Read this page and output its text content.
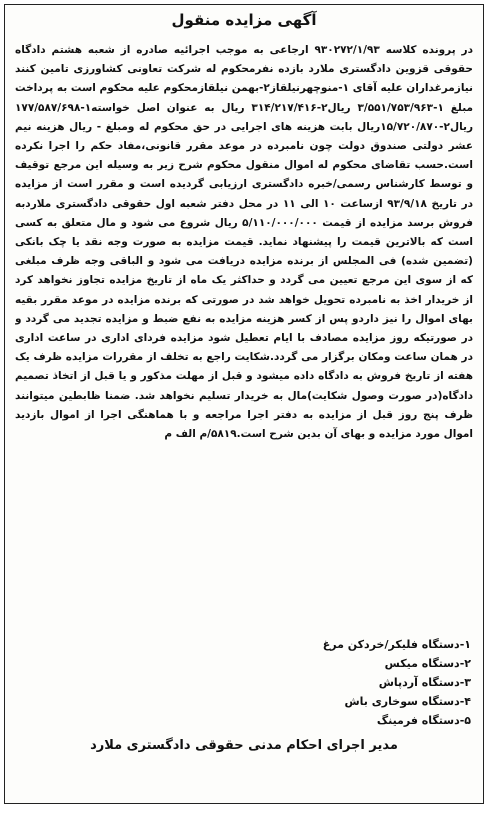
آگهی مزایده منقول

در پرونده کلاسه ۹۳۰۲۷۲/۱/۹۳ ارجاعی به موجب اجرائیه صادره از شعبه هشتم دادگاه حقوقی قزوین دادگستری ملارد بازده نفرمحکوم له شرکت تعاونی کشاورزی تامین کنند نیازمرغداران علیه آقای ۱-منوچهرنیلقاز۲-بهمن نیلقازمحکوم علیه محکوم است به پرداخت مبلغ ۱-۳/۵۵۱/۷۵۳/۹۶۳ ریال۲-۳۱۴/۲۱۷/۴۱۶ ریال به عنوان اصل خواسته۱-۱۷۷/۵۸۷/۶۹۸ ریال۲-۱۵/۷۲۰/۸۷۰ریال بابت هزینه های اجرایی در حق محکوم له ومبلغ - ریال هزینه نیم عشر دولتی صندوق دولت چون نامبرده در موعد مقرر قانونی،مفاد حکم را اجرا نکرده است.حسب تقاضای محکوم له اموال منقول محکوم شرح زیر به وسیله این مرجع توقیف و توسط کارشناس رسمی/خبره دادگستری ارزیابی گردیده است و مقرر است از مزایده در تاریخ ۹۳/۹/۱۸ ازساعت ۱۰ الی ۱۱ در محل دفتر شعبه اول حقوقی دادگستری ملاردبه فروش برسد مزایده از قیمت ۵/۱۱۰/۰۰۰/۰۰۰ ریال شروع می شود و مال متعلق به کسی است که بالاترین قیمت را پیشنهاد نماید. قیمت مزایده به صورت وجه نقد یا چک بانکی (تضمین شده) فی المجلس از برنده مزایده دریافت می شود و الباقی وجه ظرف مبلغی که از سوی این مرجع تعیین می گردد و حداکثر یک ماه از تاریخ مزایده تجاوز نخواهد کرد از خریدار اخذ به نامبرده تحویل خواهد شد در صورتی که برنده مزایده در موعد مقرر بقیه بهای اموال را نیز داردو پس از کسر هزینه مزایده به نفع ضبط و مزایده تجدید می گردد و در صورتیکه روز مزایده مصادف با ایام تعطیل شود مزایده فردای اداری در ساعت اداری در همان ساعت ومکان برگزار می گردد.شکایت راجع به تخلف از مقررات مزایده ظرف یک هفته از تاریخ فروش به دادگاه داده میشود و قبل از مهلت مذکور و یا قبل از اتخاذ تصمیم دادگاه(در صورت وصول شکایت)مال به خریدار تسلیم نخواهد شد. ضمنا ظابطین میتوانند ظرف پنج روز قبل از مزایده به دفتر اجرا مراجعه و با هماهنگی اجرا از اموال بازدید اموال مورد مزایده و بهای آن بدین شرح است.۵۸۱۹/م الف م

۱-دستگاه فلیکر/خردکن مرغ
۲-دستگاه میکس
۳-دستگاه آردپاش
۴-دستگاه سوخاری باش
۵-دستگاه فرمینگ
مدیر اجرای احکام مدنی حقوقی دادگستری ملارد
